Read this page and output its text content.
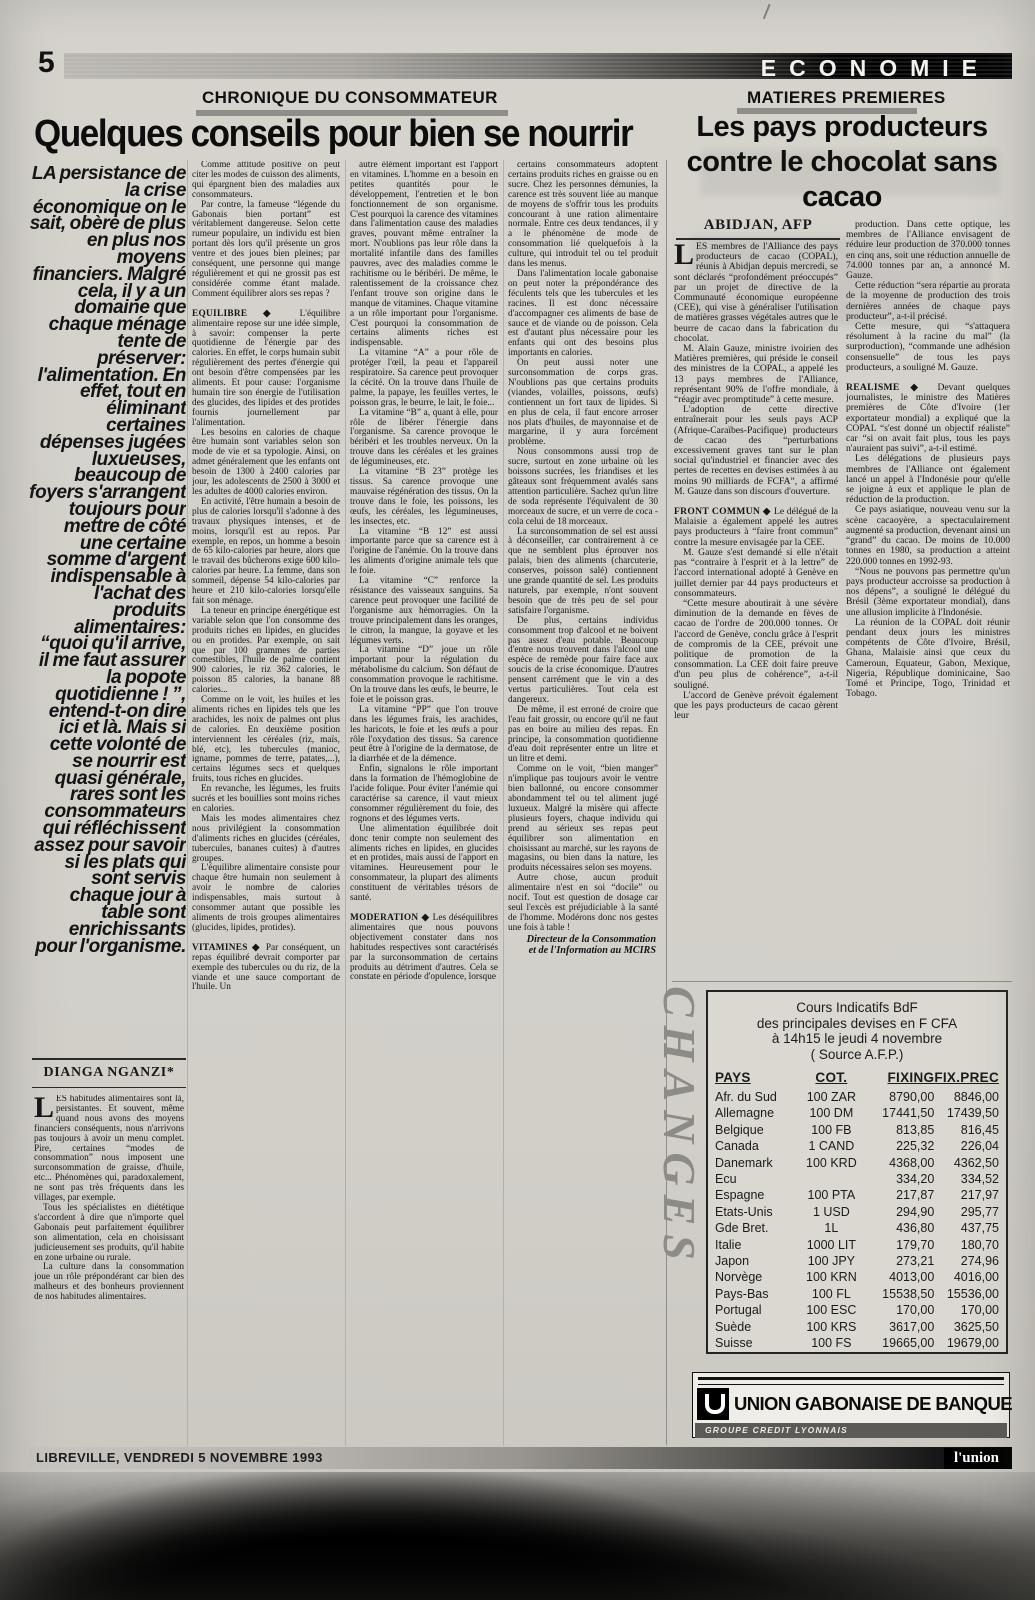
5	ECONOMIE
CHRONIQUE DU CONSOMMATEUR
Quelques conseils pour bien se nourrir
LA persistance de la crise économique on le sait, obère de plus en plus nos moyens financiers. Malgré cela, il y a un domaine que chaque ménage tente de préserver: l'alimentation. En effet, tout en éliminant certaines dépenses jugées luxueuses, beaucoup de foyers s'arrangent toujours pour mettre de côté une certaine somme d'argent indispensable à l'achat des produits alimentaires: “quoi qu'il arrive, il me faut assurer la popote quotidienne ! ”, entend-t-on dire ici et là. Mais si cette volonté de se nourrir est quasi générale, rares sont les consommateurs qui réfléchissent assez pour savoir si les plats qui sont servis chaque jour à table sont enrichissants pour l'organisme.
DIANGA NGANZI*

LES habitudes alimentaires sont là, persistantes. Et souvent, même quand nous avons des moyens financiers conséquents, nous n'arrivons pas toujours à avoir un menu complet. Pire, certaines “modes de consommation” nous imposent une surconsommation de graisse, d'huile, etc... Phénomènes qui, paradoxalement, ne sont pas très fréquents dans les villages, par exemple.

Tous les spécialistes en diététique s'accordent à dire que n'importe quel Gabonais peut parfaitement équilibrer son alimentation, cela en choisissant judicieusement ses produits, qu'il habite en zone urbaine ou rurale.

La culture dans la consommation joue un rôle prépondérant car bien des malheurs et des bonheurs proviennent de nos habitudes alimentaires.

Comme attitude positive on peut citer les modes de cuisson des aliments, qui épargnent bien des maladies aux consommateurs.

Par contre, la fameuse “légende du Gabonais bien portant” est véritablement dangereuse. Selon cette rumeur populaire, un individu est bien portant dès lors qu'il présente un gros ventre et des joues bien pleines; par conséquent, une personne qui mange régulièrement et qui ne grossit pas est considérée comme étant malade. Comment équilibrer alors ses repas ?

EQUILIBRE ◆ L'équilibre alimentaire repose sur une idée simple, à savoir: compenser la perte quotidienne de l'énergie par des calories. En effet, le corps humain subit régulièrement des pertes d'énergie qui ont besoin d'être compensées par les aliments. Et pour cause: l'organisme humain tire son énergie de l'utilisation des glucides, des lipides et des protides fournis journellement par l'alimentation.

Les besoins en calories de chaque être humain sont variables selon son mode de vie et sa typologie. Ainsi, on admet généralement que les enfants ont besoin de 1300 à 2400 calories par jour, les adolescents de 2500 à 3000 et les adultes de 4000 calories environ.

En activité, l'être humain a besoin de plus de calories lorsqu'il s'adonne à des travaux physiques intenses, et de moins, lorsqu'il est au repos. Par exemple, en repos, un homme a besoin de 65 kilo-calories par heure, alors que le travail des bûcherons exige 600 kilo-calories par heure. La femme, dans son sommeil, dépense 54 kilo-calories par heure et 210 kilo-calories lorsqu'elle fait son ménage.

La teneur en principe énergétique est variable selon que l'on consomme des produits riches en lipides, en glucides ou en protides. Par exemple, on sait que par 100 grammes de parties comestibles, l'huile de palme contient 900 calories, le riz 362 calories, le poisson 85 calories, la banane 88 calories...

Comme on le voit, les huiles et les aliments riches en lipides tels que les arachides, les noix de palmes ont plus de calories. En deuxième position interviennent les céréales (riz, maïs, blé, etc), les tubercules (manioc, igname, pommes de terre, patates,...), certains légumes secs et quelques fruits, tous riches en glucides.

En revanche, les légumes, les fruits sucrés et les bouillies sont moins riches en calories.

Mais les modes alimentaires chez nous privilégient la consommation d'aliments riches en glucides (céréales, tubercules, bananes cuites) à d'autres groupes.

L'équilibre alimentaire consiste pour chaque être humain non seulement à avoir le nombre de calories indispensables, mais surtout à consommer autant que possible les aliments de trois groupes alimentaires (glucides, lipides, protides).

VITAMINES ◆ Par conséquent, un repas équilibré devrait comporter par exemple des tubercules ou du riz, de la viande et une sauce comportant de l'huile. Un

autre élément important est l'apport en vitamines. L'homme en a besoin en petites quantités pour le développement, l'entretien et le bon fonctionnement de son organisme. C'est pourquoi la carence des vitamines dans l'alimentation cause des maladies graves, pouvant même entraîner la mort. N'oublions pas leur rôle dans la mortalité infantile dans des familles pauvres, avec des maladies comme le rachitisme ou le béribéri. De même, le ralentissement de la croissance chez l'enfant trouve son origine dans le manque de vitamines. Chaque vitamine a un rôle important pour l'organisme. C'est pourquoi la consommation de certains aliments riches est indispensable.

La vitamine “A” a pour rôle de protéger l'œil, la peau et l'appareil respiratoire. Sa carence peut provoquer la cécité. On la trouve dans l'huile de palme, la papaye, les feuilles vertes, le poisson gras, le beurre, le lait, le foie...

La vitamine “B” a, quant à elle, pour rôle de libérer l'énergie dans l'organisme. Sa carence provoque le béribéri et les troubles nerveux. On la trouve dans les céréales et les graines de légumineuses, etc.

La vitamine “B 23” protège les tissus. Sa carence provoque une mauvaise régénération des tissus. On la trouve dans le foie, les poissons, les œufs, les céréales, les légumineuses, les insectes, etc.

La vitamine “B 12” est aussi importante parce que sa carence est à l'origine de l'anémie. On la trouve dans les aliments d'origine animale tels que le foie.

La vitamine “C” renforce la résistance des vaisseaux sanguins. Sa carence peut provoquer une facilité de l'organisme aux hémorragies. On la trouve principalement dans les oranges, le citron, la mangue, la goyave et les légumes verts.

La vitamine “D” joue un rôle important pour la régulation du métabolisme du calcium. Son défaut de consommation provoque le rachitisme. On la trouve dans les œufs, le beurre, le foie et le poisson gras.

La vitamine “PP” que l'on trouve dans les légumes frais, les arachides, les haricots, le foie et les œufs a pour rôle l'oxydation des tissus. Sa carence peut être à l'origine de la dermatose, de la diarrhée et de la démence.

Enfin, signalons le rôle important dans la formation de l'hémoglobine de l'acide folique. Pour éviter l'anémie qui caractérise sa carence, il vaut mieux consommer régulièrement du foie, des rognons et des légumes verts.

Une alimentation équilibrée doit donc tenir compte non seulement des aliments riches en lipides, en glucides et en protides, mais aussi de l'apport en vitamines. Heureusement pour le consommateur, la plupart des aliments constituent de véritables trésors de santé.

MODERATION ◆ Les déséquilibres alimentaires que nous pouvons objectivement constater dans nos habitudes respectives sont caractérisés par la surconsommation de certains produits au détriment d'autres. Cela se constate en période d'opulence, lorsque

certains consommateurs adoptent certains produits riches en graisse ou en sucre. Chez les personnes démunies, la carence est très souvent liée au manque de moyens de s'offrir tous les produits concourant à une ration alimentaire normale. Entre ces deux tendances, il y a le phénomène de mode de consommation lié quelquefois à la culture, qui introduit tel ou tel produit dans les menus.

Dans l'alimentation locale gabonaise on peut noter la prépondérance des féculents tels que les tubercules et les racines. Il est donc nécessaire d'accompagner ces aliments de base de sauce et de viande ou de poisson. Cela est d'autant plus nécessaire pour les enfants qui ont des besoins plus importants en calories.

On peut aussi noter une surconsommation de corps gras. N'oublions pas que certains produits (viandes, volailles, poissons, œufs) contiennent un fort taux de lipides. Si en plus de cela, il faut encore arroser nos plats d'huiles, de mayonnaise et de margarine, il y aura forcément problème.

Nous consommons aussi trop de sucre, surtout en zone urbaine où les boissons sucrées, les friandises et les gâteaux sont fréquemment avalés sans attention particulière. Sachez qu'un litre de soda représente l'équivalent de 30 morceaux de sucre, et un verre de coca -cola celui de 18 morceaux.

La surconsommation de sel est aussi à déconseiller, car contrairement à ce que ne semblent plus éprouver nos palais, bien des aliments (charcuterie, conserves, poisson salé) contiennent une grande quantité de sel. Les produits naturels, par exemple, n'ont souvent besoin que de très peu de sel pour satisfaire l'organisme.

De plus, certains individus consomment trop d'alcool et ne boivent pas assez d'eau potable. Beaucoup d'entre nous trouvent dans l'alcool une espèce de remède pour faire face aux soucis de la crise économique. D'autres pensent carrément que le vin a des vertus particulières. Tout cela est dangereux.

De même, il est erroné de croire que l'eau fait grossir, ou encore qu'il ne faut pas en boire au milieu des repas. En principe, la consommation quotidienne d'eau doit représenter entre un litre et un litre et demi.

Comme on le voit, “bien manger” n'implique pas toujours avoir le ventre bien ballonné, ou encore consommer abondamment tel ou tel aliment jugé luxueux. Malgré la misère qui affecte plusieurs foyers, chaque individu qui prend au sérieux ses repas peut équilibrer son alimentation en choisissant au marché, sur les rayons de magasins, ou bien dans la nature, les produits nécessaires selon ses moyens.

Autre chose, aucun produit alimentaire n'est en soi “docile” ou nocif. Tout est question de dosage car seul l'excès est préjudiciable à la santé de l'homme. Modérons donc nos gestes une fois à table !

Directeur de la Consommation et de l'Information au MCIRS

MATIERES PREMIERES
Les pays producteurs contre le chocolat sans cacao
ABIDJAN, AFP

LES membres de l'Alliance des pays producteurs de cacao (COPAL), réunis à Abidjan depuis mercredi, se sont déclarés “profondément préoccupés” par un projet de directive de la Communauté économique européenne (CEE), qui vise à généraliser l'utilisation de matières grasses végétales autres que le beurre de cacao dans la fabrication du chocolat.

M. Alain Gauze, ministre ivoirien des Matières premières, qui préside le conseil des ministres de la COPAL, a appelé les 13 pays membres de l'Alliance, représentant 90% de l'offre mondiale, à “réagir avec promptitude” à cette mesure.

L'adoption de cette directive entraînerait pour les seuls pays ACP (Afrique-Caraïbes-Pacifique) producteurs de cacao des “perturbations excessivement graves tant sur le plan social qu'industriel et financier avec des pertes de recettes en devises estimées à au moins 90 milliards de FCFA”, a affirmé M. Gauze dans son discours d'ouverture.

FRONT COMMUN ◆ Le délégué de la Malaisie a également appelé les autres pays producteurs à “faire front commun” contre la mesure envisagée par la CEE.

M. Gauze s'est demandé si elle n'était pas “contraire à l'esprit et à la lettre” de l'accord international adopté à Genève en juillet dernier par 44 pays producteurs et consommateurs.

“Cette mesure aboutirait à une sévère diminution de la demande en fèves de cacao de l'ordre de 200.000 tonnes. Or l'accord de Genève, conclu grâce à l'esprit de compromis de la CEE, prévoit une politique de promotion de la consommation. La CEE doit faire preuve d'un peu plus de cohérence”, a-t-il souligné.

L'accord de Genève prévoit également que les pays producteurs de cacao gèrent leur

production. Dans cette optique, les membres de l'Alliance envisagent de réduire leur production de 370.000 tonnes en cinq ans, soit une réduction annuelle de 74.000 tonnes par an, a annoncé M. Gauze.

Cette réduction “sera répartie au prorata de la moyenne de production des trois dernières années de chaque pays producteur”, a-t-il précisé.

Cette mesure, qui “s'attaquera résolument à la racine du mal” (la surproduction), “commande une adhésion consensuelle” de tous les pays producteurs, a souligné M. Gauze.

REALISME ◆ Devant quelques journalistes, le ministre des Matières premières de Côte d'Ivoire (1er exportateur mondial) a expliqué que la COPAL “s'est donné un objectif réaliste” car “si on avait fait plus, tous les pays n'auraient pas suivi”, a-t-il estimé.

Les délégations de plusieurs pays membres de l'Alliance ont également lancé un appel à l'Indonésie pour qu'elle se joigne à eux et applique le plan de réduction de la production.

Ce pays asiatique, nouveau venu sur la scène cacaoyère, a spectaculairement augmenté sa production, devenant ainsi un “grand” du cacao. De moins de 10.000 tonnes en 1980, sa production a atteint 220.000 tonnes en 1992-93.

“Nous ne pouvons pas permettre qu'un pays producteur accroisse sa production à nos dépens”, a souligné le délégué du Brésil (3ème exportateur mondial), dans une allusion implicite à l'Indonésie.

La réunion de la COPAL doit réunir pendant deux jours les ministres compétents de Côte d'Ivoire, Brésil, Ghana, Malaisie ainsi que ceux du Cameroun, Equateur, Gabon, Mexique, Nigeria, République dominicaine, Sao Tomé et Principe, Togo, Trinidad et Tobago.

CHANGES	Cours Indicatifs BdF
des principales devises en F CFA
à 14h15 le jeudi 4 novembre
( Source A.F.P.)
PAYS	COT.	FIXING	FIX.PREC
Afr. du Sud	100 ZAR	8790,00	8846,00
Allemagne	100 DM	17441,50	17439,50
Belgique	100 FB	813,85	816,45
Canada	1 CAND	225,32	226,04
Danemark	100 KRD	4368,00	4362,50
Ecu		334,20	334,52
Espagne	100 PTA	217,87	217,97
Etats-Unis	1 USD	294,90	295,77
Gde Bret.	1L	436,80	437,75
Italie	1000 LIT	179,70	180,70
Japon	100 JPY	273,21	274,96
Norvège	100 KRN	4013,00	4016,00
Pays-Bas	100 FL	15538,50	15536,00
Portugal	100 ESC	170,00	170,00
Suède	100 KRS	3617,00	3625,50
Suisse	100 FS	19665,00	19679,00
UNION GABONAISE DE BANQUE
GROUPE CREDIT LYONNAIS
LIBREVILLE, VENDREDI 5 NOVEMBRE 1993	l'union
